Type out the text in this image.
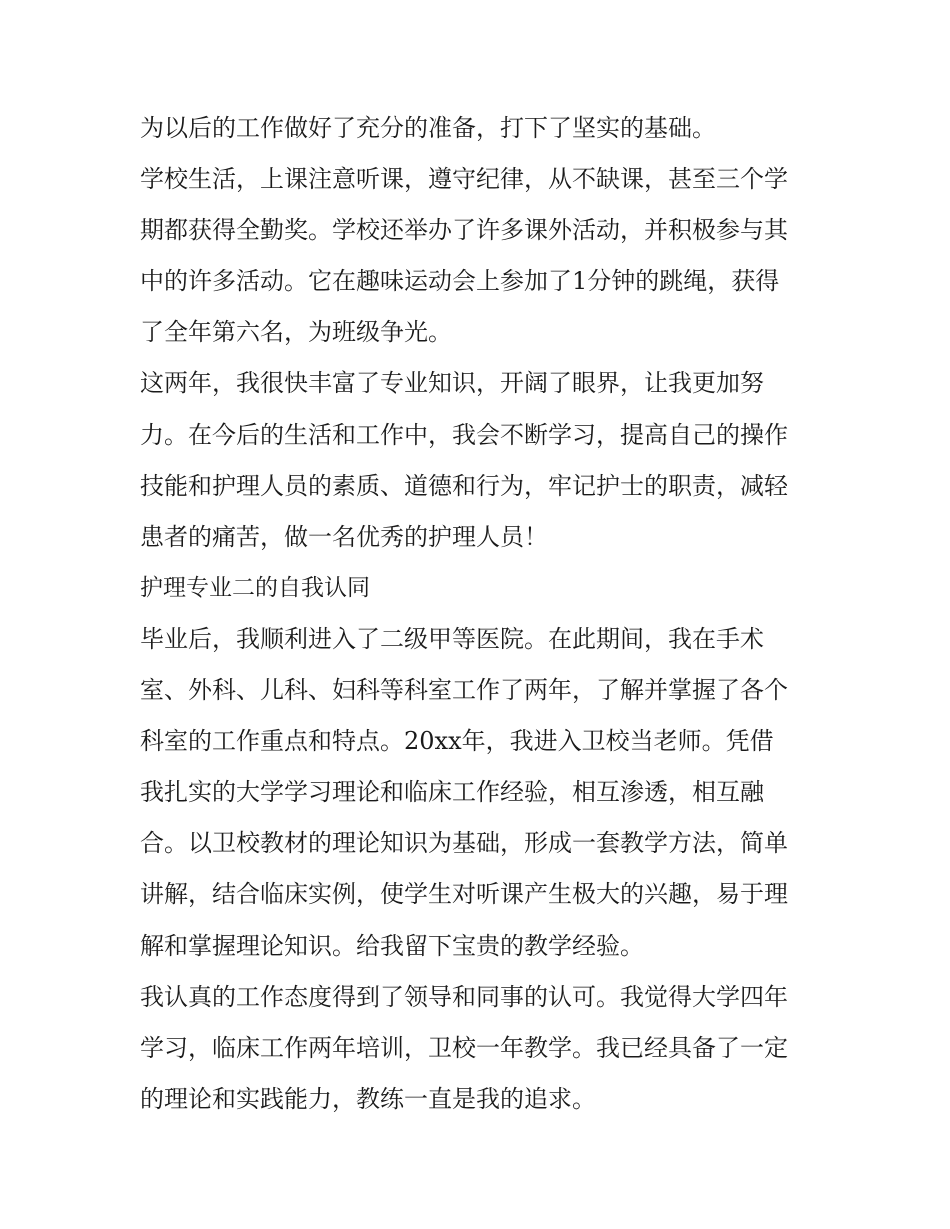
为以后的工作做好了充分的准备，打下了坚实的基础。
学校生活，上课注意听课，遵守纪律，从不缺课，甚至三个学
期都获得全勤奖。学校还举办了许多课外活动，并积极参与其
中的许多活动。它在趣味运动会上参加了1分钟的跳绳，获得
了全年第六名，为班级争光。
这两年，我很快丰富了专业知识，开阔了眼界，让我更加努
力。在今后的生活和工作中，我会不断学习，提高自己的操作
技能和护理人员的素质、道德和行为，牢记护士的职责，减轻
患者的痛苦，做一名优秀的护理人员！
护理专业二的自我认同
毕业后，我顺利进入了二级甲等医院。在此期间，我在手术
室、外科、儿科、妇科等科室工作了两年，了解并掌握了各个
科室的工作重点和特点。20xx年，我进入卫校当老师。凭借
我扎实的大学学习理论和临床工作经验，相互渗透，相互融
合。以卫校教材的理论知识为基础，形成一套教学方法，简单
讲解，结合临床实例，使学生对听课产生极大的兴趣，易于理
解和掌握理论知识。给我留下宝贵的教学经验。
我认真的工作态度得到了领导和同事的认可。我觉得大学四年
学习，临床工作两年培训，卫校一年教学。我已经具备了一定
的理论和实践能力，教练一直是我的追求。
